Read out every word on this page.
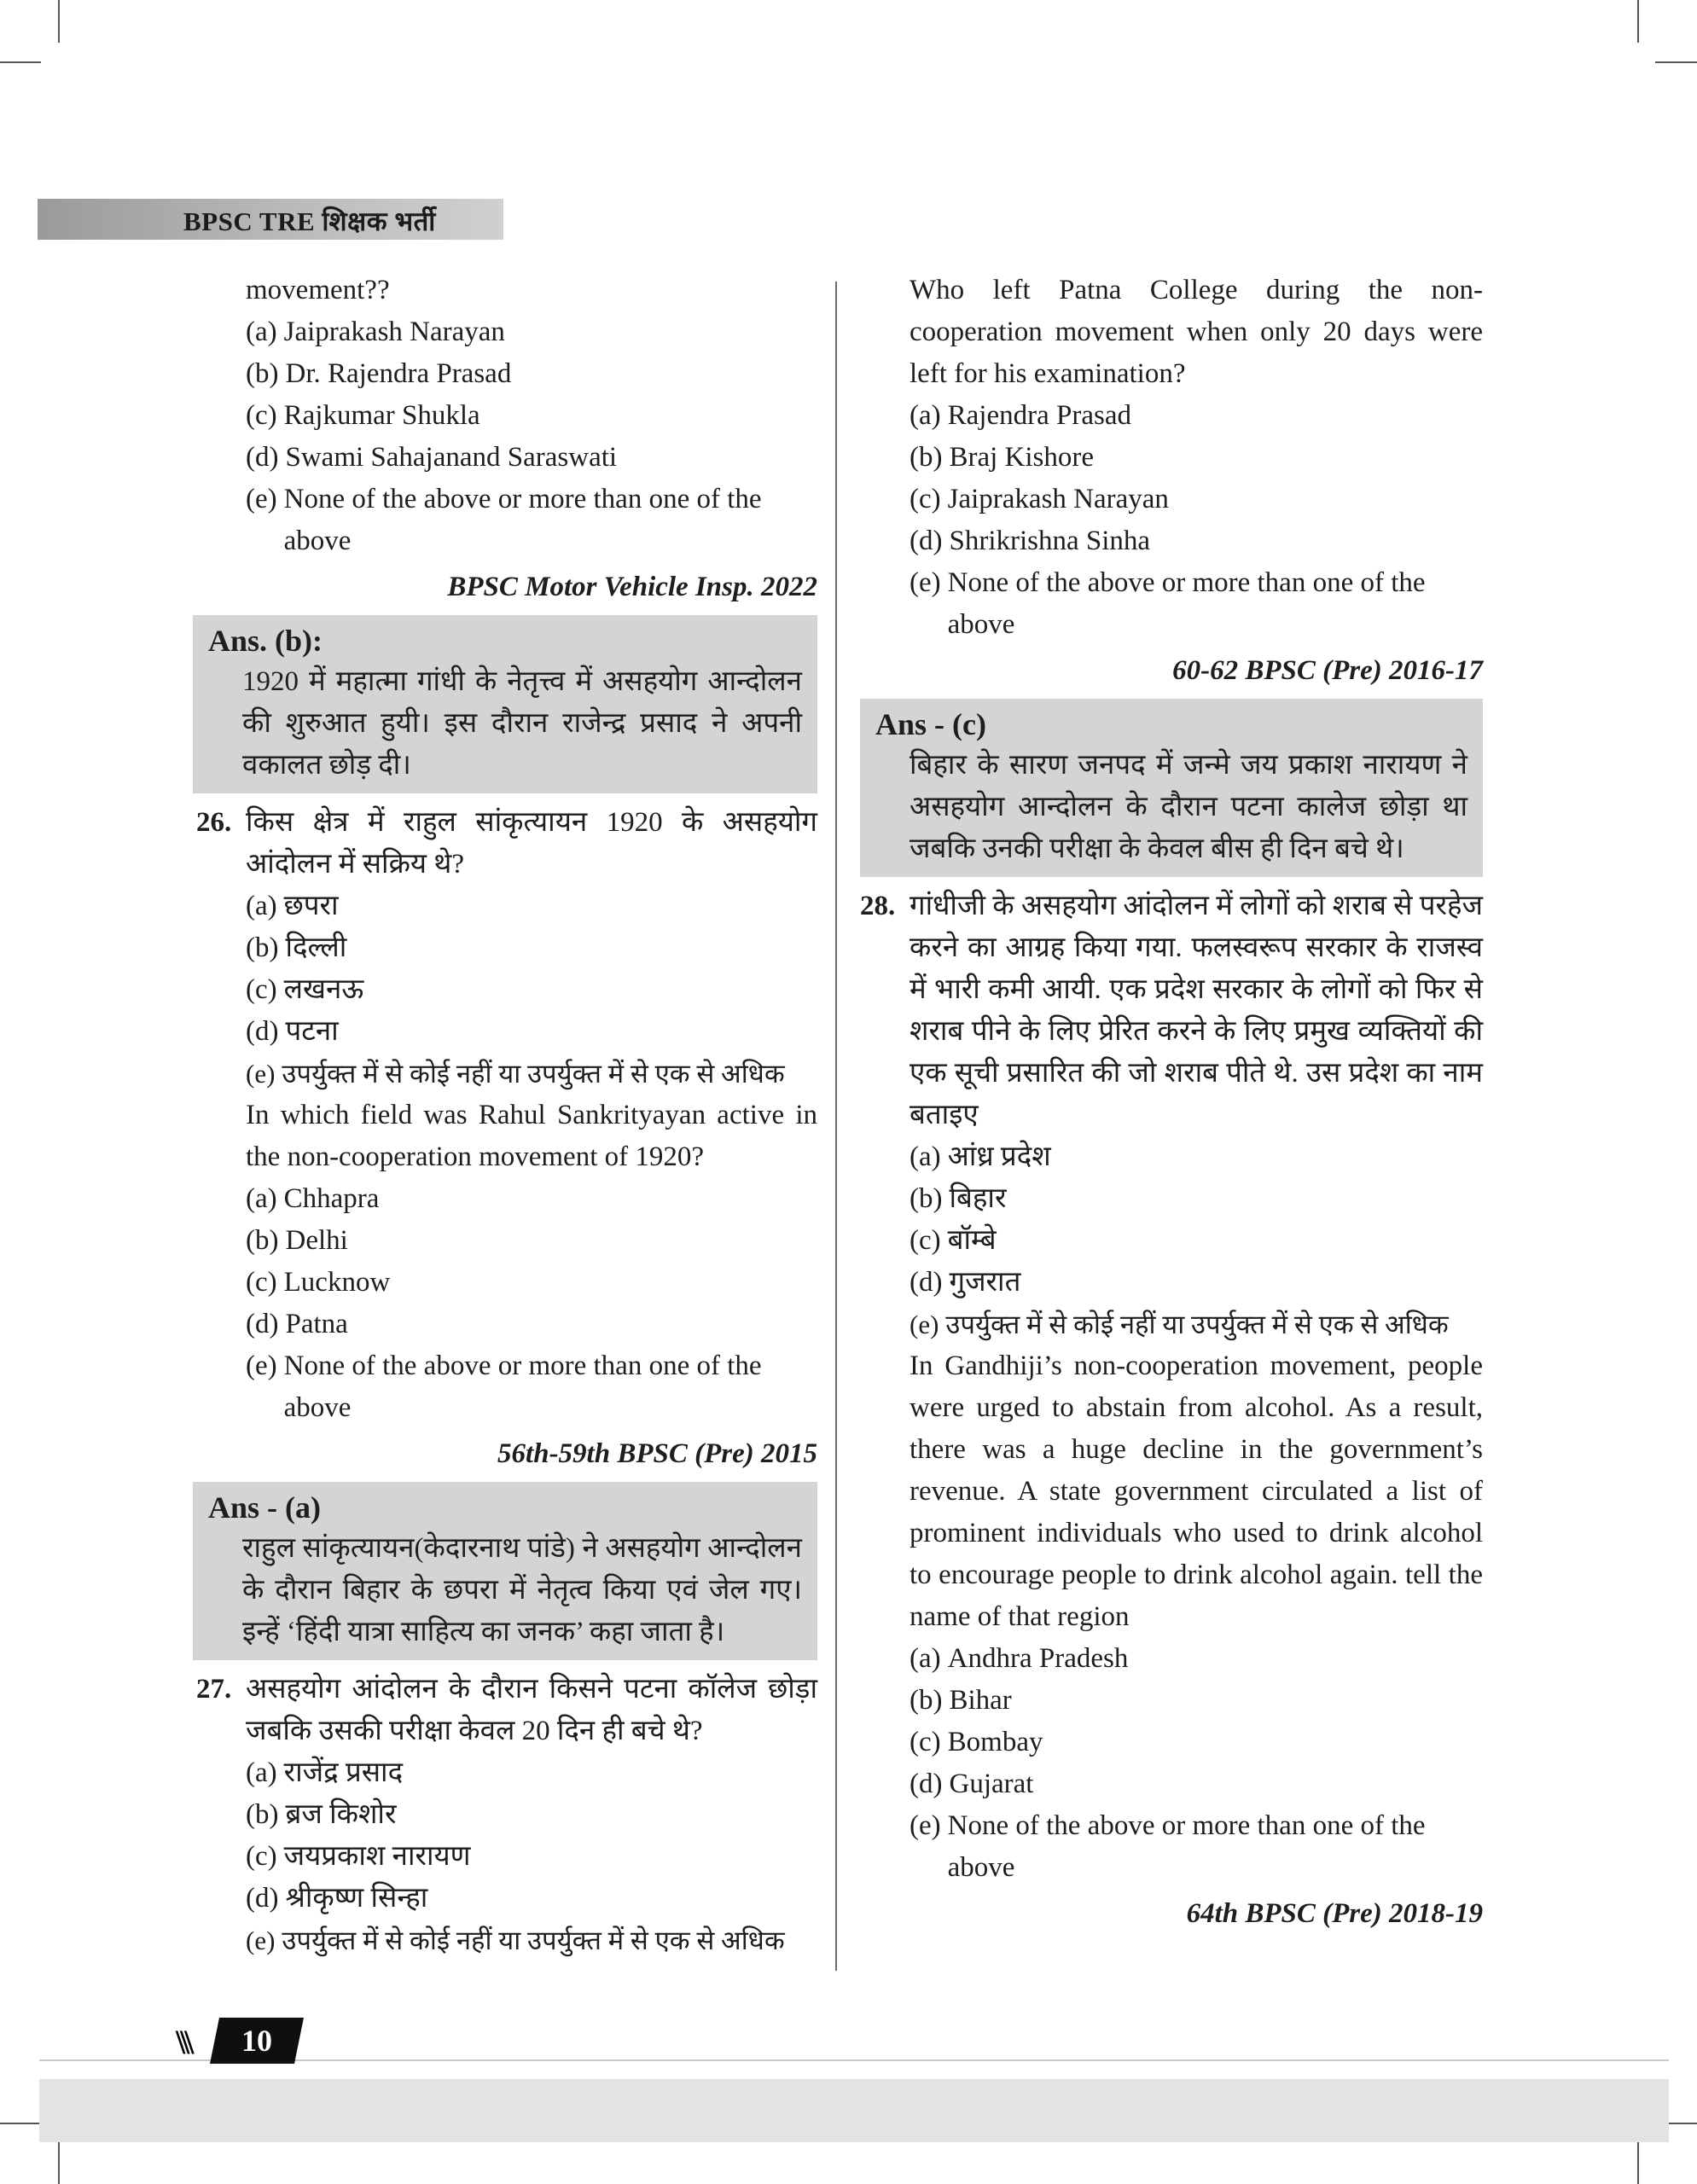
BPSC TRE शिक्षक भर्ती
movement??
(a) Jaiprakash Narayan
(b) Dr. Rajendra Prasad
(c) Rajkumar Shukla
(d) Swami Sahajanand Saraswati
(e) None of the above or more than one of the above
BPSC Motor Vehicle Insp. 2022
Ans. (b):
1920 में महात्मा गांधी के नेतृत्त्व में असहयोग आन्दोलन की शुरुआत हुयी। इस दौरान राजेन्द्र प्रसाद ने अपनी वकालत छोड़ दी।
26. किस क्षेत्र में राहुल सांकृत्यायन 1920 के असहयोग आंदोलन में सक्रिय थे?
(a) छपरा
(b) दिल्ली
(c) लखनऊ
(d) पटना
(e) उपर्युक्त में से कोई नहीं या उपर्युक्त में से एक से अधिक
In which field was Rahul Sankrityayan active in the non-cooperation movement of 1920?
(a) Chhapra
(b) Delhi
(c) Lucknow
(d) Patna
(e) None of the above or more than one of the above
56th-59th BPSC (Pre) 2015
Ans - (a)
राहुल सांकृत्यायन(केदारनाथ पांडे) ने असहयोग आन्दोलन के दौरान बिहार के छपरा में नेतृत्व किया एवं जेल गए। इन्हें ‘हिंदी यात्रा साहित्य का जनक’ कहा जाता है।
27. असहयोग आंदोलन के दौरान किसने पटना कॉलेज छोड़ा जबकि उसकी परीक्षा केवल 20 दिन ही बचे थे?
(a) राजेंद्र प्रसाद
(b) ब्रज किशोर
(c) जयप्रकाश नारायण
(d) श्रीकृष्ण सिन्हा
(e) उपर्युक्त में से कोई नहीं या उपर्युक्त में से एक से अधिक
Who left Patna College during the non-cooperation movement when only 20 days were left for his examination?
(a) Rajendra Prasad
(b) Braj Kishore
(c) Jaiprakash Narayan
(d) Shrikrishna Sinha
(e) None of the above or more than one of the above
60-62 BPSC (Pre) 2016-17
Ans - (c)
बिहार के सारण जनपद में जन्मे जय प्रकाश नारायण ने असहयोग आन्दोलन के दौरान पटना कालेज छोड़ा था जबकि उनकी परीक्षा के केवल बीस ही दिन बचे थे।
28. गांधीजी के असहयोग आंदोलन में लोगों को शराब से परहेज करने का आग्रह किया गया. फलस्वरूप सरकार के राजस्व में भारी कमी आयी. एक प्रदेश सरकार के लोगों को फिर से शराब पीने के लिए प्रेरित करने के लिए प्रमुख व्यक्तियों की एक सूची प्रसारित की जो शराब पीते थे. उस प्रदेश का नाम बताइए
(a) आंध्र प्रदेश
(b) बिहार
(c) बॉम्बे
(d) गुजरात
(e) उपर्युक्त में से कोई नहीं या उपर्युक्त में से एक से अधिक
In Gandhiji’s non-cooperation movement, people were urged to abstain from alcohol. As a result, there was a huge decline in the government’s revenue. A state government circulated a list of prominent individuals who used to drink alcohol to encourage people to drink alcohol again. tell the name of that region
(a) Andhra Pradesh
(b) Bihar
(c) Bombay
(d) Gujarat
(e) None of the above or more than one of the above
64th BPSC (Pre) 2018-19
\\\	10
